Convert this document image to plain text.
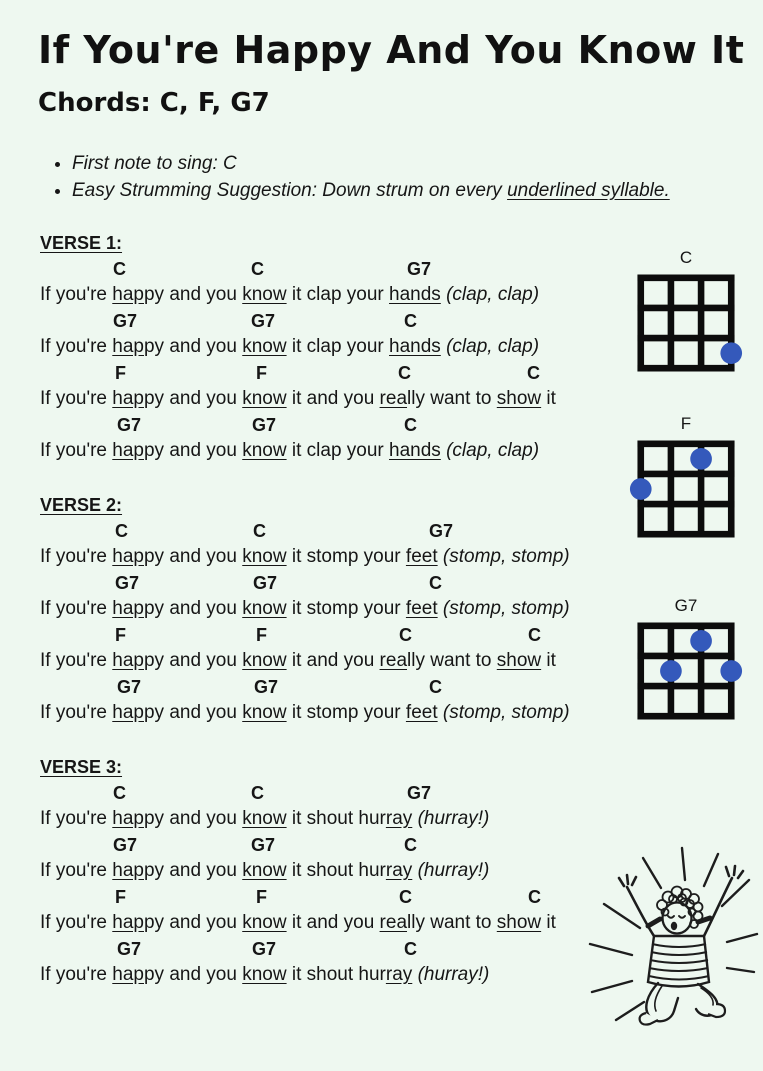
If You're Happy And You Know It
Chords: C, F, G7
• First note to sing: C
• Easy Strumming Suggestion: Down strum on every underlined syllable.
VERSE 1:
C	C	G7
If you're happy and you know it clap your hands (clap, clap)
G7	G7	C
If you're happy and you know it clap your hands (clap, clap)
F	F	C	C
If you're happy and you know it and you really want to show it
G7	G7	C
If you're happy and you know it clap your hands (clap, clap)
VERSE 2:
C	C	G7
If you're happy and you know it stomp your feet (stomp, stomp)
G7	G7	C
If you're happy and you know it stomp your feet (stomp, stomp)
F	F	C	C
If you're happy and you know it and you really want to show it
G7	G7	C
If you're happy and you know it stomp your feet (stomp, stomp)
VERSE 3:
C	C	G7
If you're happy and you know it shout hurray (hurray!)
G7	G7	C
If you're happy and you know it shout hurray (hurray!)
F	F	C	C
If you're happy and you know it and you really want to show it
G7	G7	C
If you're happy and you know it shout hurray (hurray!)
C
F
G7
